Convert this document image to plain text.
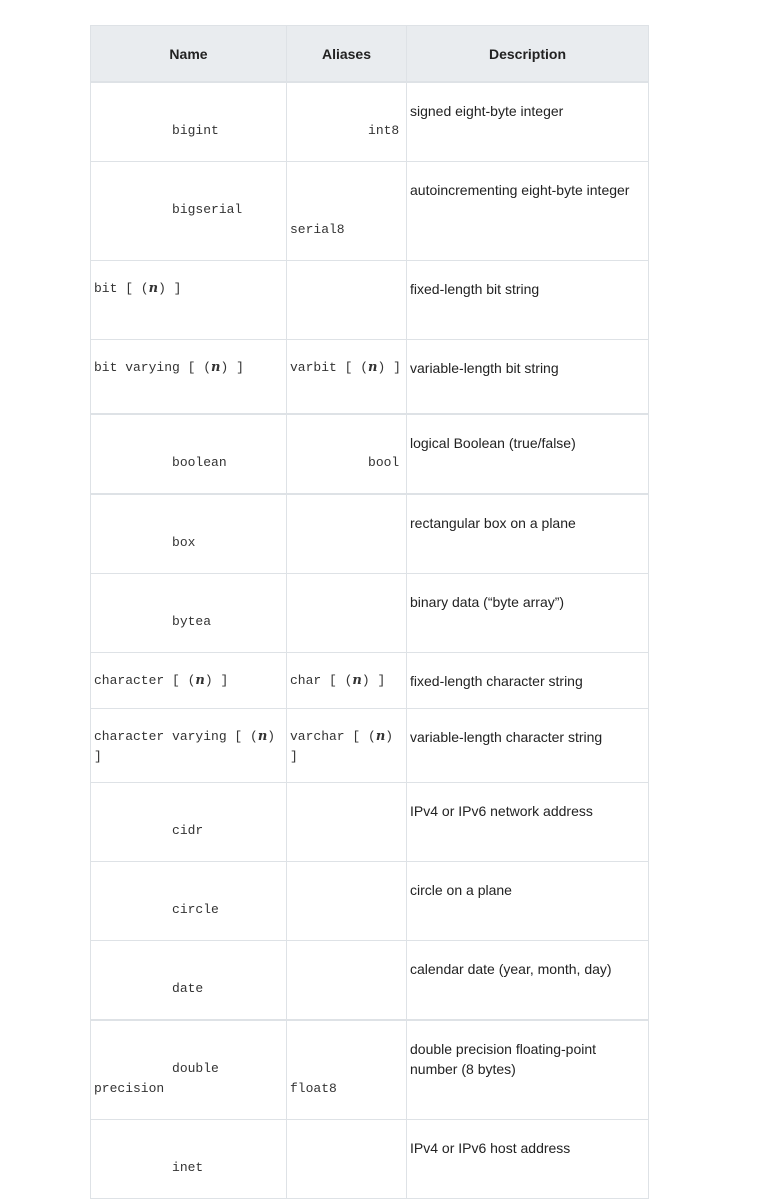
Name	Aliases	Description

bigint	int8	signed eight-byte integer

bigserial	serial8	autoincrementing eight-byte integer
bit [ (n) ]		fixed-length bit string
bit varying [ (n) ]	varbit [ (n) ]	variable-length bit string

boolean	bool	logical Boolean (true/false)

box		rectangular box on a plane

bytea		binary data (“byte array”)
character [ (n) ]	char [ (n) ]	fixed-length character string
character varying [ (n) ]	varchar [ (n) ]	variable-length character string

cidr		IPv4 or IPv6 network address

circle		circle on a plane

date		calendar date (year, month, day)

double precision	float8	double precision floating-point number (8 bytes)

inet		IPv4 or IPv6 host address
